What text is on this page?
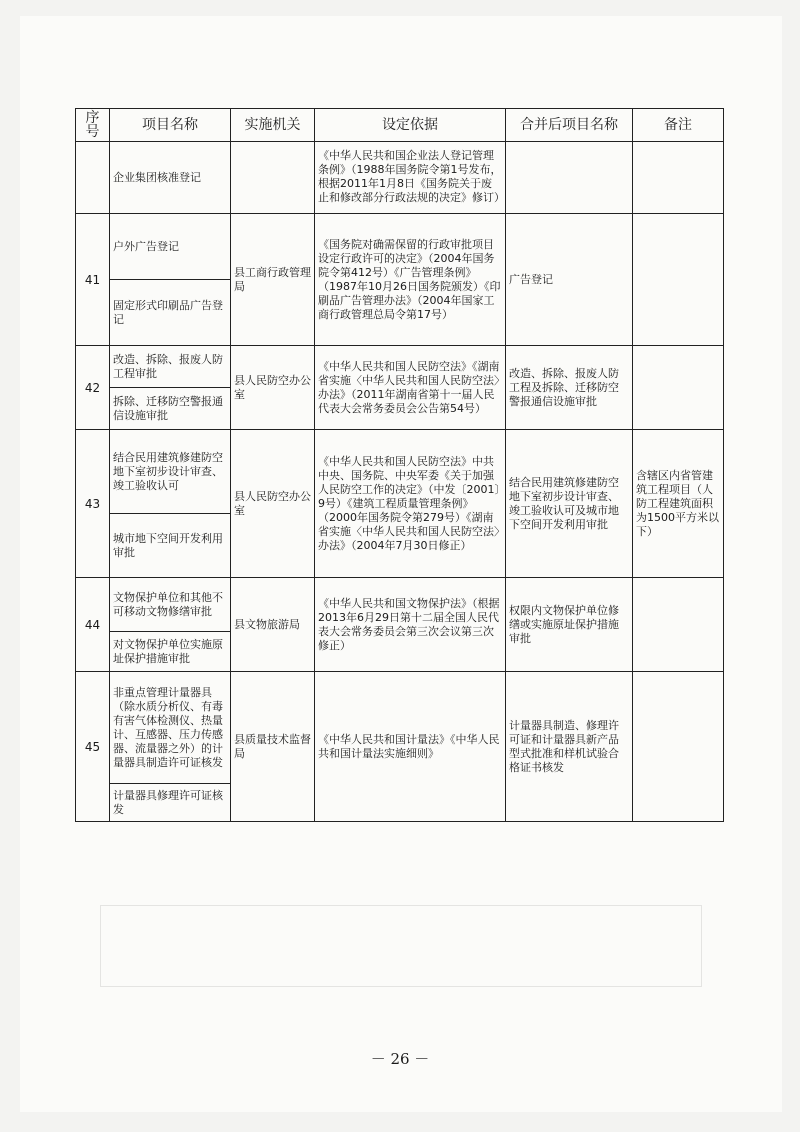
序号	项目名称	实施机关	设定依据	合并后项目名称	备注
	企业集团核准登记		《中华人民共和国企业法人登记管理条例》（1988年国务院令第1号发布，根据2011年1月8日《国务院关于废止和修改部分行政法规的决定》修订）		
41	户外广告登记	县工商行政管理局	《国务院对确需保留的行政审批项目设定行政许可的决定》（2004年国务院令第412号）《广告管理条例》（1987年10月26日国务院颁发）《印刷品广告管理办法》（2004年国家工商行政管理总局令第17号）	广告登记	
	固定形式印刷品广告登记				
42	改造、拆除、报废人防工程审批	县人民防空办公室	《中华人民共和国人民防空法》《湖南省实施〈中华人民共和国人民防空法〉办法》（2011年湖南省第十一届人民代表大会常务委员会公告第54号）	改造、拆除、报废人防工程及拆除、迁移防空警报通信设施审批	
	拆除、迁移防空警报通信设施审批				
43	结合民用建筑修建防空地下室初步设计审查、竣工验收认可	县人民防空办公室	《中华人民共和国人民防空法》中共中央、国务院、中央军委《关于加强人民防空工作的决定》（中发〔2001〕9号）《建筑工程质量管理条例》（2000年国务院令第279号）《湖南省实施〈中华人民共和国人民防空法〉办法》（2004年7月30日修正）	结合民用建筑修建防空地下室初步设计审查、竣工验收认可及城市地下空间开发利用审批	含辖区内省管建筑工程项目（人防工程建筑面积为1500平方米以下）
	城市地下空间开发利用审批				
44	文物保护单位和其他不可移动文物修缮审批	县文物旅游局	《中华人民共和国文物保护法》（根据2013年6月29日第十二届全国人民代表大会常务委员会第三次会议第三次修正）	权限内文物保护单位修缮或实施原址保护措施审批	
	对文物保护单位实施原址保护措施审批				
45	非重点管理计量器具（除水质分析仪、有毒有害气体检测仪、热量计、互感器、压力传感器、流量器之外）的计量器具制造许可证核发	县质量技术监督局	《中华人民共和国计量法》《中华人民共和国计量法实施细则》	计量器具制造、修理许可证和计量器具新产品型式批准和样机试验合格证书核发	
	计量器具修理许可证核发				
－ 26 －
